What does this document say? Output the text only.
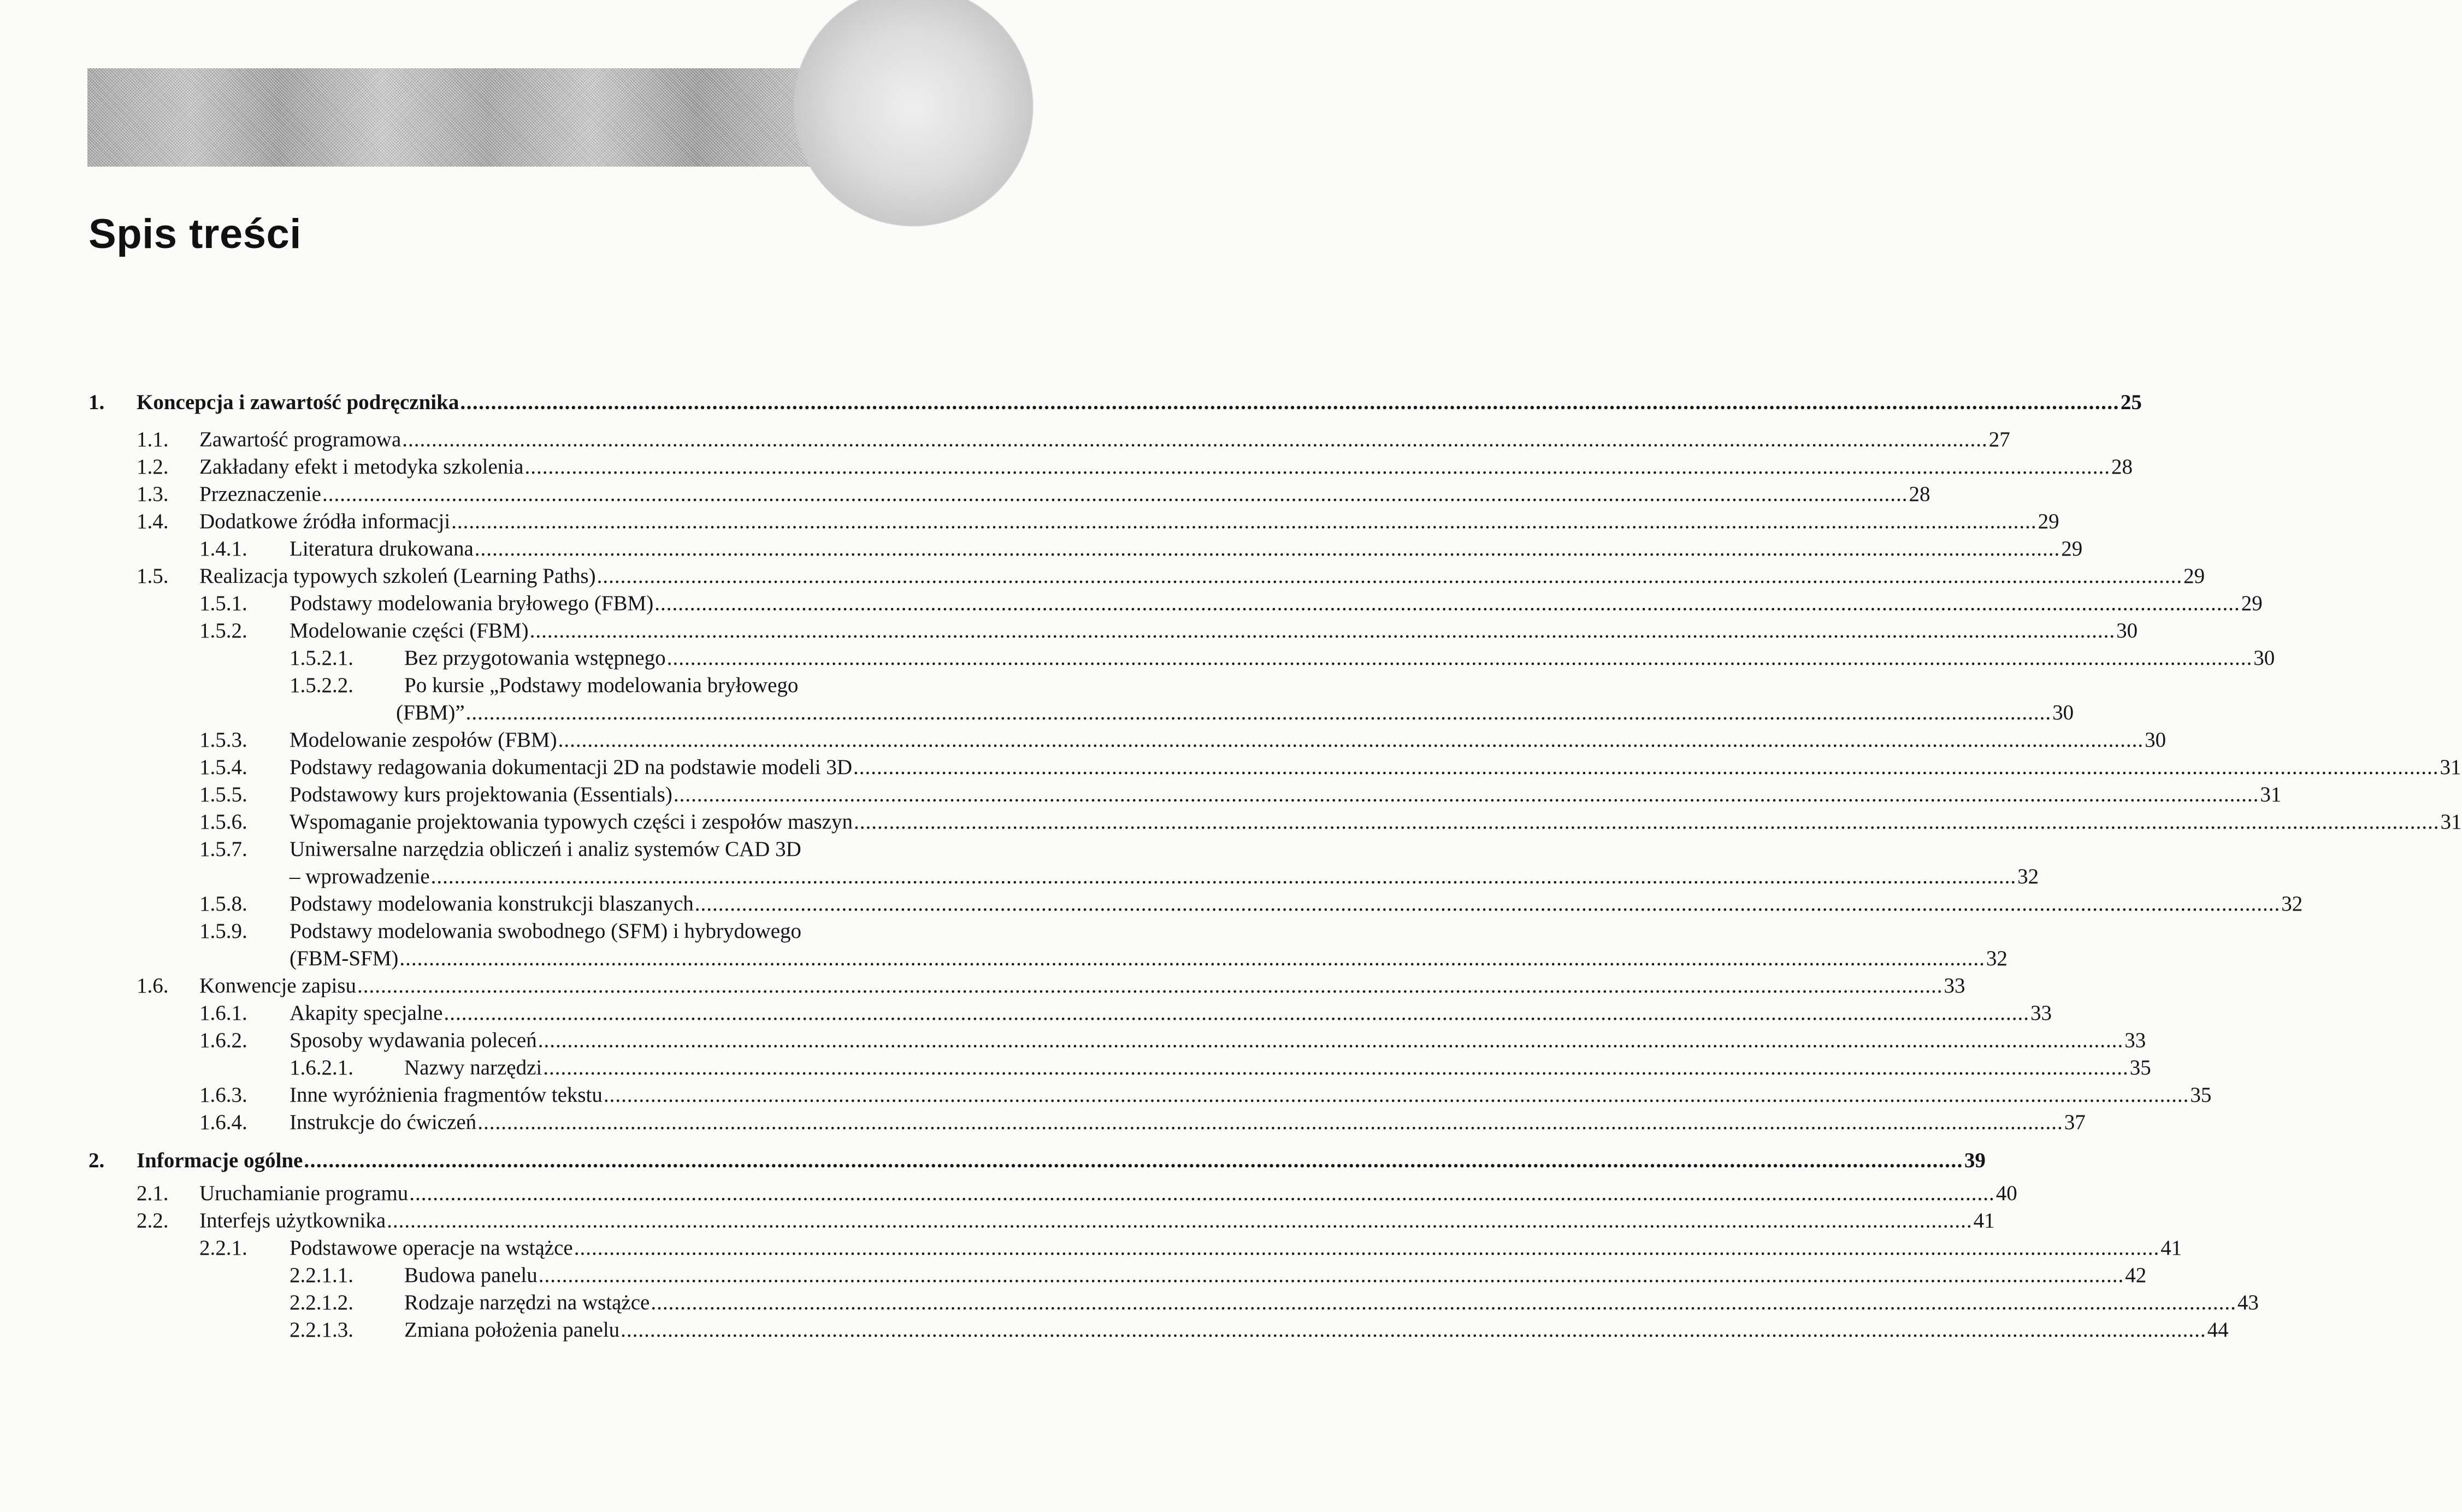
Spis treści
1. Koncepcja i zawartość podręcznika .............................................................................................................................................................................................................................................................................. 25
1.1. Zawartość programowa .............................................................................................................................................................................................................................................................................. 27
1.2. Zakładany efekt i metodyka szkolenia .............................................................................................................................................................................................................................................................................. 28
1.3. Przeznaczenie .............................................................................................................................................................................................................................................................................. 28
1.4. Dodatkowe źródła informacji .............................................................................................................................................................................................................................................................................. 29
1.4.1. Literatura drukowana .............................................................................................................................................................................................................................................................................. 29
1.5. Realizacja typowych szkoleń (Learning Paths) .............................................................................................................................................................................................................................................................................. 29
1.5.1. Podstawy modelowania bryłowego (FBM) .............................................................................................................................................................................................................................................................................. 29
1.5.2. Modelowanie części (FBM) .............................................................................................................................................................................................................................................................................. 30
1.5.2.1. Bez przygotowania wstępnego .............................................................................................................................................................................................................................................................................. 30
1.5.2.2. Po kursie „Podstawy modelowania bryłowego
(FBM)” .............................................................................................................................................................................................................................................................................. 30
1.5.3. Modelowanie zespołów (FBM) .............................................................................................................................................................................................................................................................................. 30
1.5.4. Podstawy redagowania dokumentacji 2D na podstawie modeli 3D .............................................................................................................................................................................................................................................................................. 31
1.5.5. Podstawowy kurs projektowania (Essentials) .............................................................................................................................................................................................................................................................................. 31
1.5.6. Wspomaganie projektowania typowych części i zespołów maszyn .............................................................................................................................................................................................................................................................................. 31
1.5.7. Uniwersalne narzędzia obliczeń i analiz systemów CAD 3D
– wprowadzenie .............................................................................................................................................................................................................................................................................. 32
1.5.8. Podstawy modelowania konstrukcji blaszanych .............................................................................................................................................................................................................................................................................. 32
1.5.9. Podstawy modelowania swobodnego (SFM) i hybrydowego
(FBM-SFM) .............................................................................................................................................................................................................................................................................. 32
1.6. Konwencje zapisu .............................................................................................................................................................................................................................................................................. 33
1.6.1. Akapity specjalne .............................................................................................................................................................................................................................................................................. 33
1.6.2. Sposoby wydawania poleceń .............................................................................................................................................................................................................................................................................. 33
1.6.2.1. Nazwy narzędzi .............................................................................................................................................................................................................................................................................. 35
1.6.3. Inne wyróżnienia fragmentów tekstu .............................................................................................................................................................................................................................................................................. 35
1.6.4. Instrukcje do ćwiczeń .............................................................................................................................................................................................................................................................................. 37
2. Informacje ogólne .............................................................................................................................................................................................................................................................................. 39
2.1. Uruchamianie programu .............................................................................................................................................................................................................................................................................. 40
2.2. Interfejs użytkownika .............................................................................................................................................................................................................................................................................. 41
2.2.1. Podstawowe operacje na wstążce .............................................................................................................................................................................................................................................................................. 41
2.2.1.1. Budowa panelu .............................................................................................................................................................................................................................................................................. 42
2.2.1.2. Rodzaje narzędzi na wstążce .............................................................................................................................................................................................................................................................................. 43
2.2.1.3. Zmiana położenia panelu .............................................................................................................................................................................................................................................................................. 44
